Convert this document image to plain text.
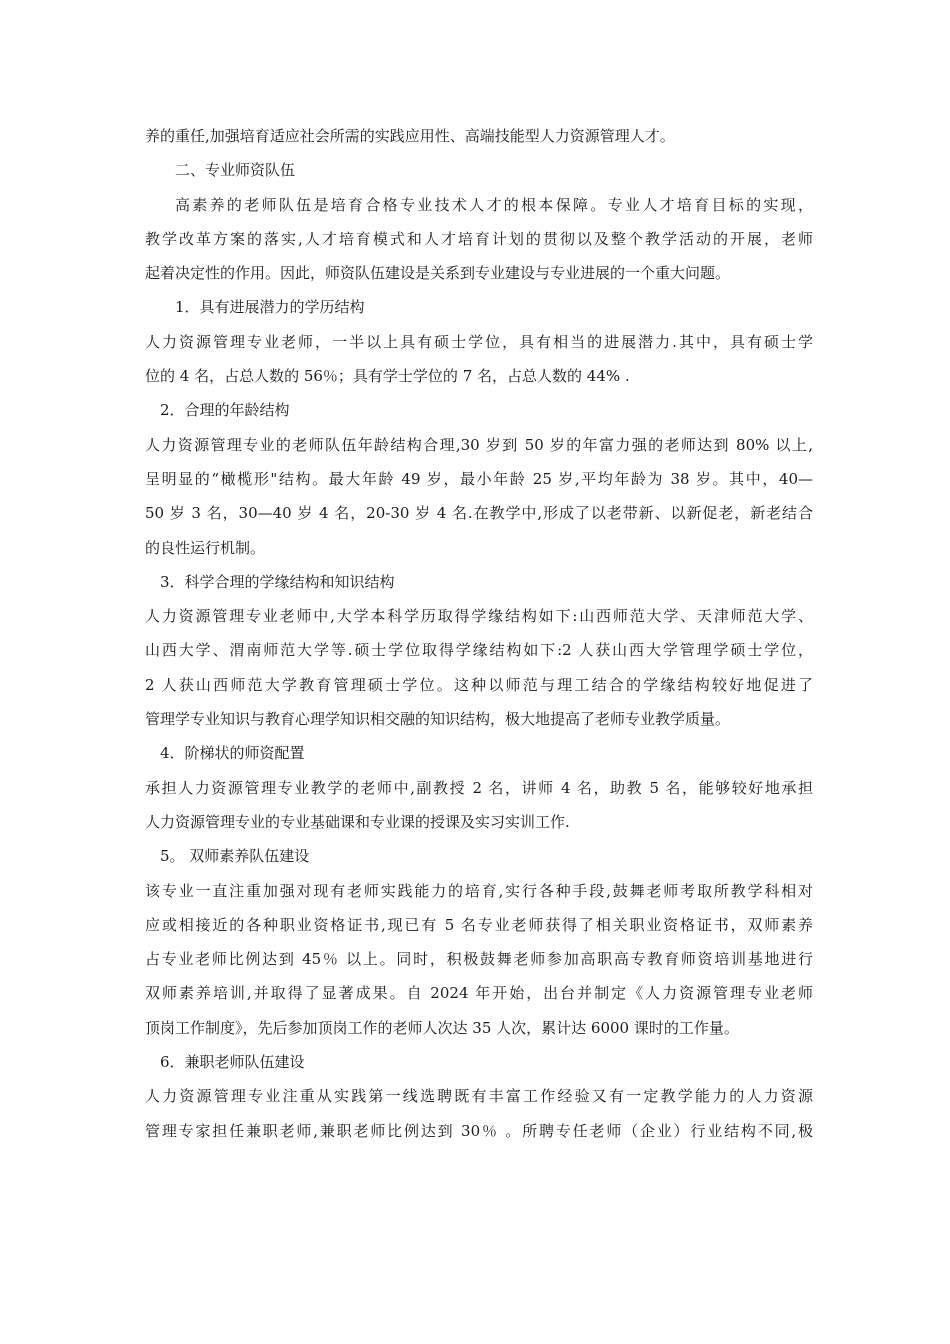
养的重任,加强培育适应社会所需的实践应用性、高端技能型人力资源管理人才。
二、专业师资队伍
高素养的老师队伍是培育合格专业技术人才的根本保障。专业人才培育目标的实现，
教学改革方案的落实,人才培育模式和人才培育计划的贯彻以及整个教学活动的开展，老师
起着决定性的作用。因此，师资队伍建设是关系到专业建设与专业进展的一个重大问题。
1．具有进展潜力的学历结构
人力资源管理专业老师，一半以上具有硕士学位，具有相当的进展潜力.其中，具有硕士学
位的 4 名，占总人数的 56％；具有学士学位的 7 名，占总人数的 44% .
2．合理的年龄结构
人力资源管理专业的老师队伍年龄结构合理,30 岁到 50 岁的年富力强的老师达到 80% 以上,
呈明显的“橄榄形"结构。最大年龄 49 岁，最小年龄 25 岁,平均年龄为 38 岁。其中，40—
50 岁 3 名，30—40 岁 4 名，20-30 岁 4 名.在教学中,形成了以老带新、以新促老，新老结合
的良性运行机制。
3．科学合理的学缘结构和知识结构
人力资源管理专业老师中,大学本科学历取得学缘结构如下:山西师范大学、天津师范大学、
山西大学、渭南师范大学等.硕士学位取得学缘结构如下:2 人获山西大学管理学硕士学位，
2 人获山西师范大学教育管理硕士学位。这种以师范与理工结合的学缘结构较好地促进了
管理学专业知识与教育心理学知识相交融的知识结构，极大地提高了老师专业教学质量。
4．阶梯状的师资配置
承担人力资源管理专业教学的老师中,副教授 2 名，讲师 4 名，助教 5 名，能够较好地承担
人力资源管理专业的专业基础课和专业课的授课及实习实训工作.
5。 双师素养队伍建设
该专业一直注重加强对现有老师实践能力的培育,实行各种手段,鼓舞老师考取所教学科相对
应或相接近的各种职业资格证书,现已有 5 名专业老师获得了相关职业资格证书，双师素养
占专业老师比例达到 45％ 以上。同时，积极鼓舞老师参加高职高专教育师资培训基地进行
双师素养培训,并取得了显著成果。自 2024 年开始，出台并制定《人力资源管理专业老师
顶岗工作制度》，先后参加顶岗工作的老师人次达 35 人次，累计达 6000 课时的工作量。
6．兼职老师队伍建设
人力资源管理专业注重从实践第一线选聘既有丰富工作经验又有一定教学能力的人力资源
管理专家担任兼职老师,兼职老师比例达到 30％ 。所聘专任老师（企业）行业结构不同,极
